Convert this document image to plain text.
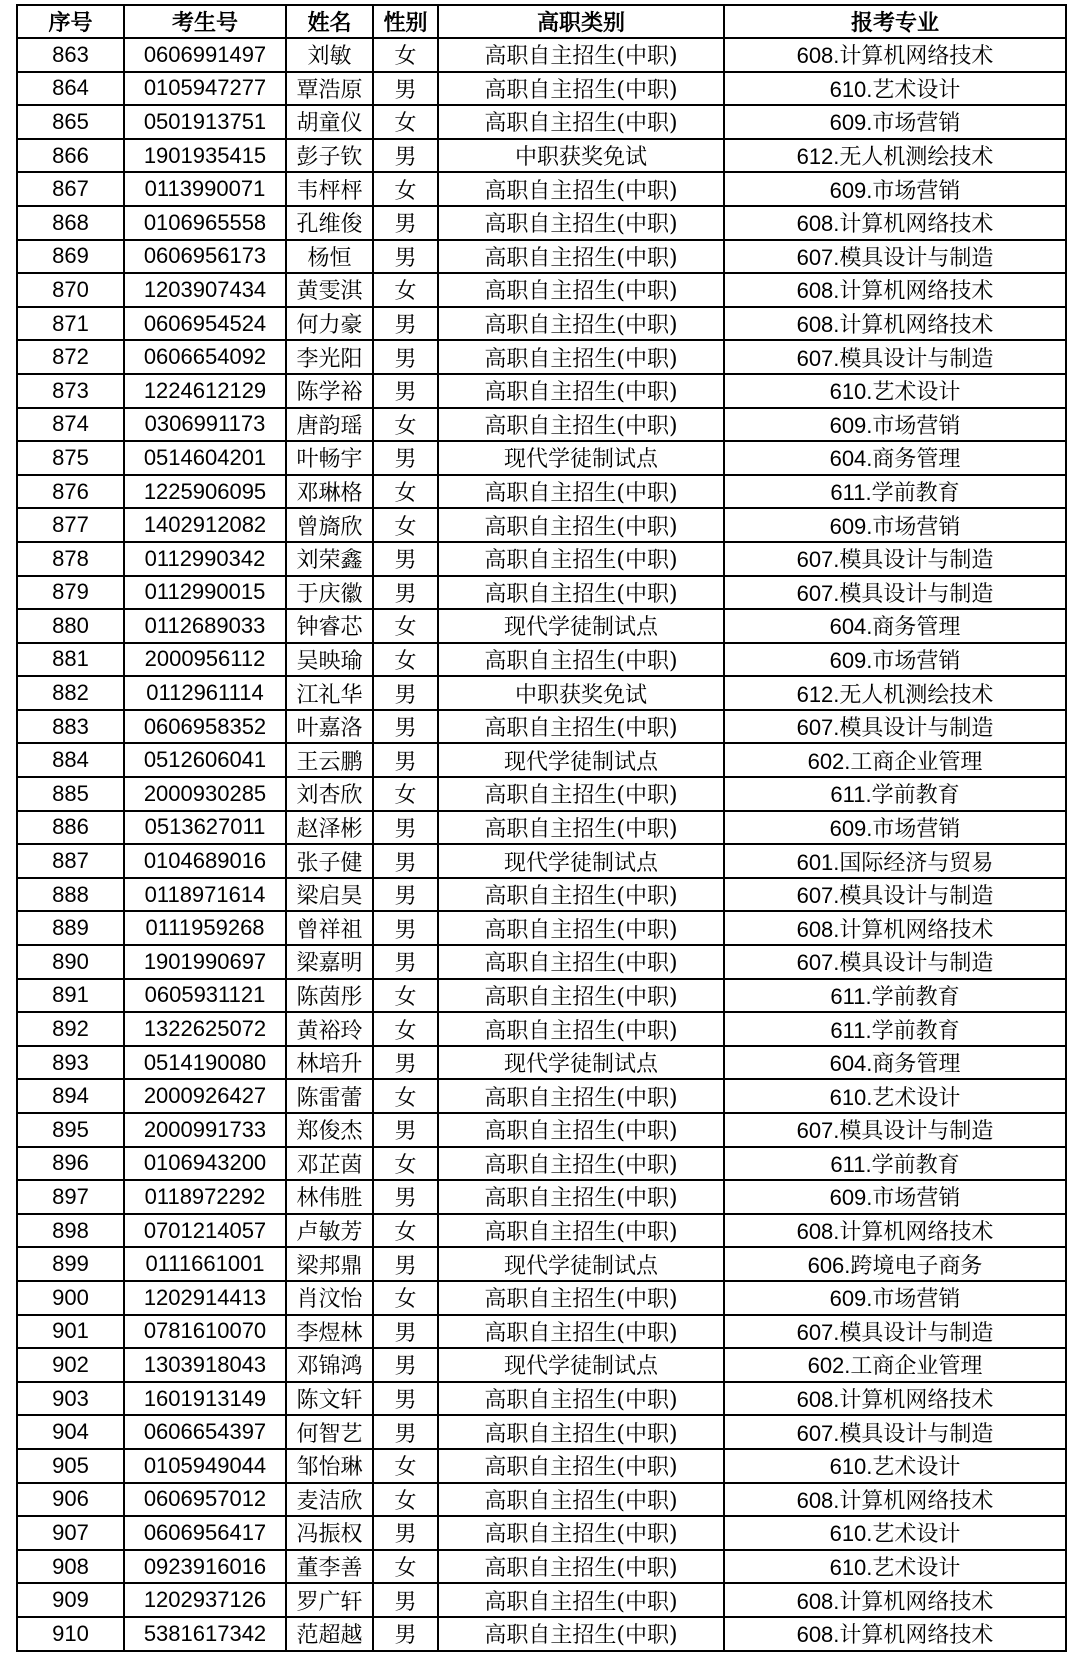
序号	考生号	姓名	性别	高职类别	报考专业
863	0606991497	刘敏	女	高职自主招生(中职)	608.计算机网络技术
864	0105947277	覃浩原	男	高职自主招生(中职)	610.艺术设计
865	0501913751	胡童仪	女	高职自主招生(中职)	609.市场营销
866	1901935415	彭子钦	男	中职获奖免试	612.无人机测绘技术
867	0113990071	韦枰枰	女	高职自主招生(中职)	609.市场营销
868	0106965558	孔维俊	男	高职自主招生(中职)	608.计算机网络技术
869	0606956173	杨恒	男	高职自主招生(中职)	607.模具设计与制造
870	1203907434	黄雯淇	女	高职自主招生(中职)	608.计算机网络技术
871	0606954524	何力豪	男	高职自主招生(中职)	608.计算机网络技术
872	0606654092	李光阳	男	高职自主招生(中职)	607.模具设计与制造
873	1224612129	陈学裕	男	高职自主招生(中职)	610.艺术设计
874	0306991173	唐韵瑶	女	高职自主招生(中职)	609.市场营销
875	0514604201	叶畅宇	男	现代学徒制试点	604.商务管理
876	1225906095	邓琳格	女	高职自主招生(中职)	611.学前教育
877	1402912082	曾旖欣	女	高职自主招生(中职)	609.市场营销
878	0112990342	刘荣鑫	男	高职自主招生(中职)	607.模具设计与制造
879	0112990015	于庆徽	男	高职自主招生(中职)	607.模具设计与制造
880	0112689033	钟睿芯	女	现代学徒制试点	604.商务管理
881	2000956112	吴映瑜	女	高职自主招生(中职)	609.市场营销
882	0112961114	江礼华	男	中职获奖免试	612.无人机测绘技术
883	0606958352	叶嘉洛	男	高职自主招生(中职)	607.模具设计与制造
884	0512606041	王云鹏	男	现代学徒制试点	602.工商企业管理
885	2000930285	刘杏欣	女	高职自主招生(中职)	611.学前教育
886	0513627011	赵泽彬	男	高职自主招生(中职)	609.市场营销
887	0104689016	张子健	男	现代学徒制试点	601.国际经济与贸易
888	0118971614	梁启昊	男	高职自主招生(中职)	607.模具设计与制造
889	0111959268	曾祥祖	男	高职自主招生(中职)	608.计算机网络技术
890	1901990697	梁嘉明	男	高职自主招生(中职)	607.模具设计与制造
891	0605931121	陈茵彤	女	高职自主招生(中职)	611.学前教育
892	1322625072	黄裕玲	女	高职自主招生(中职)	611.学前教育
893	0514190080	林培升	男	现代学徒制试点	604.商务管理
894	2000926427	陈雷蕾	女	高职自主招生(中职)	610.艺术设计
895	2000991733	郑俊杰	男	高职自主招生(中职)	607.模具设计与制造
896	0106943200	邓芷茵	女	高职自主招生(中职)	611.学前教育
897	0118972292	林伟胜	男	高职自主招生(中职)	609.市场营销
898	0701214057	卢敏芳	女	高职自主招生(中职)	608.计算机网络技术
899	0111661001	梁邦鼎	男	现代学徒制试点	606.跨境电子商务
900	1202914413	肖汶怡	女	高职自主招生(中职)	609.市场营销
901	0781610070	李煜林	男	高职自主招生(中职)	607.模具设计与制造
902	1303918043	邓锦鸿	男	现代学徒制试点	602.工商企业管理
903	1601913149	陈文轩	男	高职自主招生(中职)	608.计算机网络技术
904	0606654397	何智艺	男	高职自主招生(中职)	607.模具设计与制造
905	0105949044	邹怡琳	女	高职自主招生(中职)	610.艺术设计
906	0606957012	麦洁欣	女	高职自主招生(中职)	608.计算机网络技术
907	0606956417	冯振权	男	高职自主招生(中职)	610.艺术设计
908	0923916016	董李善	女	高职自主招生(中职)	610.艺术设计
909	1202937126	罗广轩	男	高职自主招生(中职)	608.计算机网络技术
910	5381617342	范超越	男	高职自主招生(中职)	608.计算机网络技术
